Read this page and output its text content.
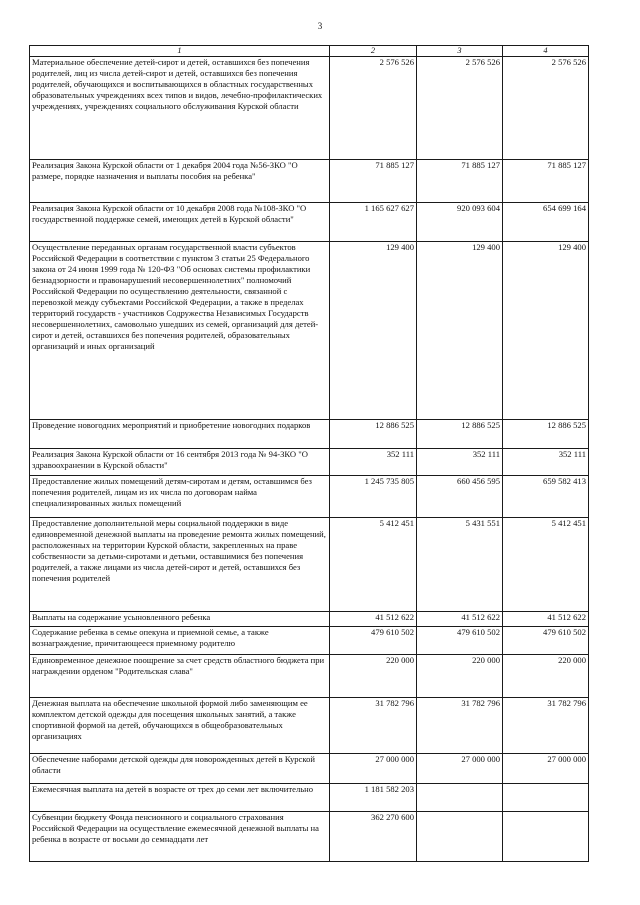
3
1	2	3	4
Материальное обеспечение детей-сирот и детей, оставшихся без попечения родителей, лиц из числа детей-сирот и детей, оставшихся без попечения родителей, обучающихся и воспитывающихся в областных государственных образовательных учреждениях всех типов и видов, лечебно-профилактических учреждениях, учреждениях социального обслуживания Курской области	2 576 526	2 576 526	2 576 526
Реализация Закона Курской области от 1 декабря 2004 года №56-ЗКО "О размере, порядке назначения и выплаты пособия на ребенка"	71 885 127	71 885 127	71 885 127
Реализация Закона Курской области от 10 декабря 2008 года №108-ЗКО "О государственной поддержке семей, имеющих детей в Курской области"	1 165 627 627	920 093 604	654 699 164
Осуществление переданных органам государственной власти субъектов Российской Федерации в соответствии с пунктом 3 статьи 25 Федерального закона от 24 июня 1999 года № 120-ФЗ "Об основах системы профилактики безнадзорности и правонарушений несовершеннолетних" полномочий Российской Федерации по осуществлению деятельности, связанной с перевозкой между субъектами Российской Федерации, а также в пределах территорий государств - участников Содружества Независимых Государств несовершеннолетних, самовольно ушедших из семей, организаций для детей-сирот и детей, оставшихся без попечения родителей, образовательных организаций и иных организаций	129 400	129 400	129 400
Проведение новогодних мероприятий и приобретение новогодних подарков	12 886 525	12 886 525	12 886 525
Реализация Закона Курской области от 16 сентября 2013 года № 94-ЗКО "О здравоохранении в Курской области"	352 111	352 111	352 111
Предоставление жилых помещений детям-сиротам и детям, оставшимся без попечения родителей, лицам из их числа по договорам найма специализированных жилых помещений	1 245 735 805	660 456 595	659 582 413
Предоставление дополнительной меры социальной поддержки в виде единовременной денежной выплаты на проведение ремонта жилых помещений, расположенных на территории Курской области, закрепленных на праве собственности за детьми-сиротами и детьми, оставшимися без попечения родителей, а также лицами из числа детей-сирот и детей, оставшихся без попечения родителей	5 412 451	5 431 551	5 412 451
Выплаты на содержание усыновленного ребенка	41 512 622	41 512 622	41 512 622
Содержание ребенка в семье опекуна и приемной семье, а также вознаграждение, причитающееся приемному родителю	479 610 502	479 610 502	479 610 502
Единовременное денежное поощрение за счет средств областного бюджета при награждении орденом "Родительская слава"	220 000	220 000	220 000
Денежная выплата на обеспечение школьной формой либо заменяющим ее комплектом детской одежды для посещения школьных занятий, а также спортивной формой на детей, обучающихся в общеобразовательных организациях	31 782 796	31 782 796	31 782 796
Обеспечение наборами детской одежды для новорожденных детей в Курской области	27 000 000	27 000 000	27 000 000
Ежемесячная выплата на детей в возрасте от трех до семи лет включительно	1 181 582 203		
Субвенции бюджету Фонда пенсионного и социального страхования Российской Федерации на осуществление ежемесячной денежной выплаты на ребенка в возрасте от восьми до семнадцати лет	362 270 600		
